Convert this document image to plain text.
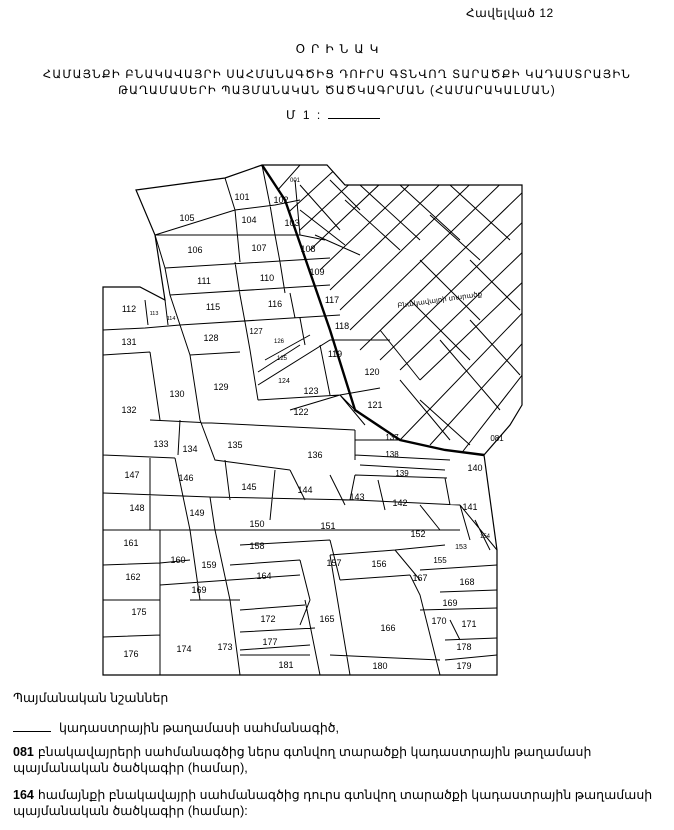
Հավելված 12
ՕՐԻՆԱԿ
ՀԱՄԱՅՆՔԻ ԲՆԱԿԱՎԱՅՐԻ ՍԱՀՄԱՆԱԳԾԻՑ ԴՈՒՐՍ ԳՏՆՎՈՂ ՏԱՐԱԾՔԻ ԿԱԴԱՍՏՐԱՅԻՆ
ԹԱՂԱՄԱՍԵՐԻ ՊԱՅՄԱՆԱԿԱՆ ԾԱԾԿԱԳՐՄԱՆ (ՀԱՄԱՐԱԿԱԼՄԱՆ)
Մ 1 :
001
081
101	102
103
104
105
106	107	108
109
110
111
112 113
114
115	116	117
118
119
120
121
122
123
124
125
126
127
128
129
130
131
132
133 134	135
136
137
138
139
140
141
142
143
144
145
146
147
148	149
150	151
152
153
154
155
156
157
158
159
160
161
162	164
165
166
167	168
169
169
170 171
172
173
174
175
176
177	178
179
180
181
Բնակավայրի տարածք
Պայմանական նշաններ
կադաստրային թաղամասի սահմանագիծ,
081 բնակավայրերի սահմանագծից ներս գտնվող տարածքի կադաստրային թաղամասի պայմանական ծածկագիր (համար),
164 համայնքի բնակավայրի սահմանագծից դուրս գտնվող տարածքի կադաստրային թաղամասի պայմանական ծածկագիր (համար):
